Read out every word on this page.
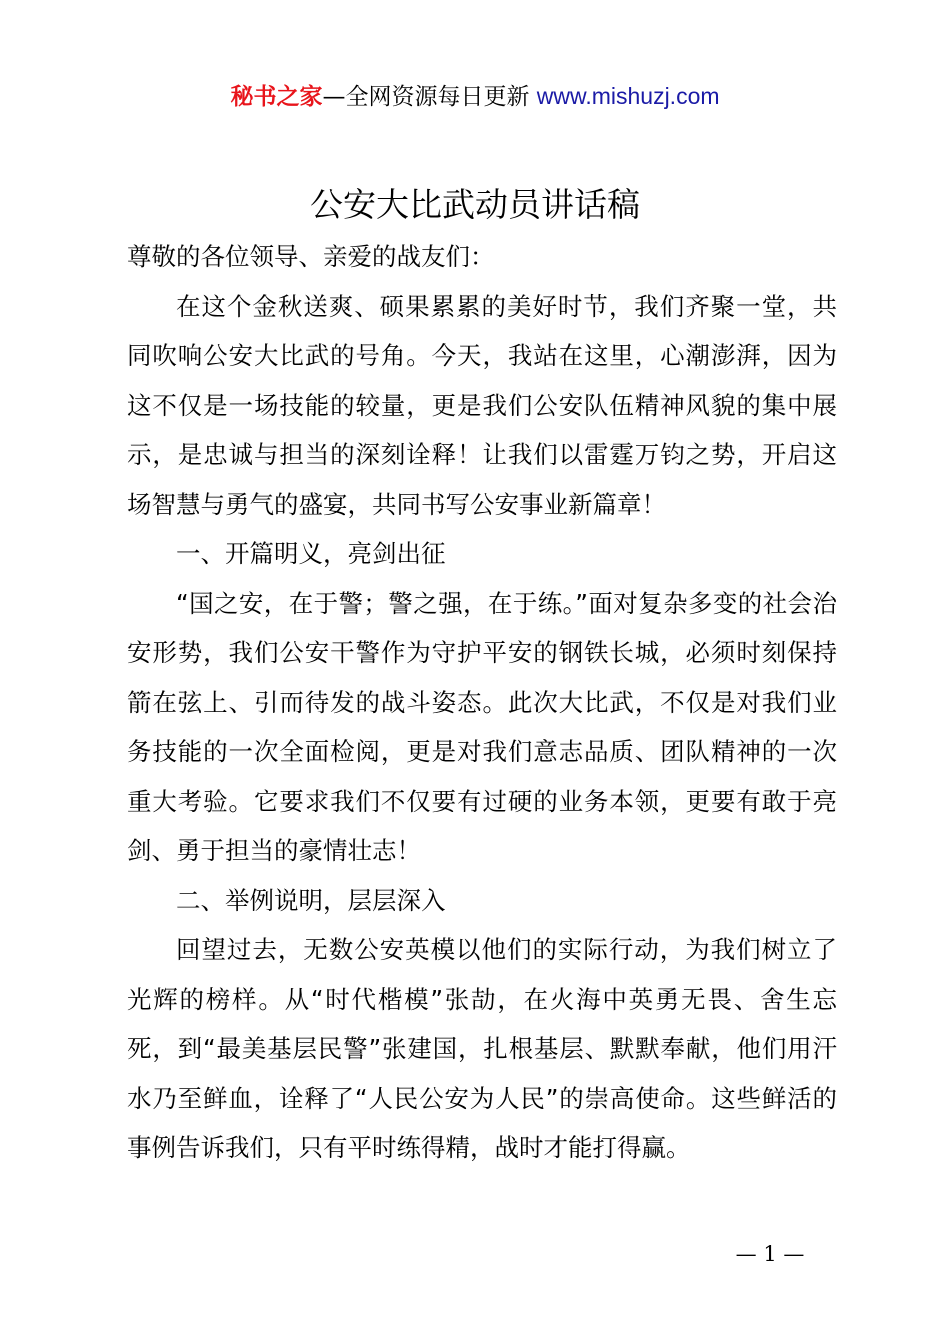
秘书之家—全网资源每日更新 www.mishuzj.com
公安大比武动员讲话稿

尊敬的各位领导、亲爱的战友们：

在这个金秋送爽、硕果累累的美好时节，我们齐聚一堂，共同吹响公安大比武的号角。今天，我站在这里，心潮澎湃，因为这不仅是一场技能的较量，更是我们公安队伍精神风貌的集中展示，是忠诚与担当的深刻诠释！让我们以雷霆万钧之势，开启这场智慧与勇气的盛宴，共同书写公安事业新篇章！

一、开篇明义，亮剑出征

“国之安，在于警；警之强，在于练。”面对复杂多变的社会治安形势，我们公安干警作为守护平安的钢铁长城，必须时刻保持箭在弦上、引而待发的战斗姿态。此次大比武，不仅是对我们业务技能的一次全面检阅，更是对我们意志品质、团队精神的一次重大考验。它要求我们不仅要有过硬的业务本领，更要有敢于亮剑、勇于担当的豪情壮志！

二、举例说明，层层深入

回望过去，无数公安英模以他们的实际行动，为我们树立了光辉的榜样。从“时代楷模”张劼，在火海中英勇无畏、舍生忘死，到“最美基层民警”张建国，扎根基层、默默奉献，他们用汗水乃至鲜血，诠释了“人民公安为人民”的崇高使命。这些鲜活的事例告诉我们，只有平时练得精，战时才能打得赢。

— 1 —
